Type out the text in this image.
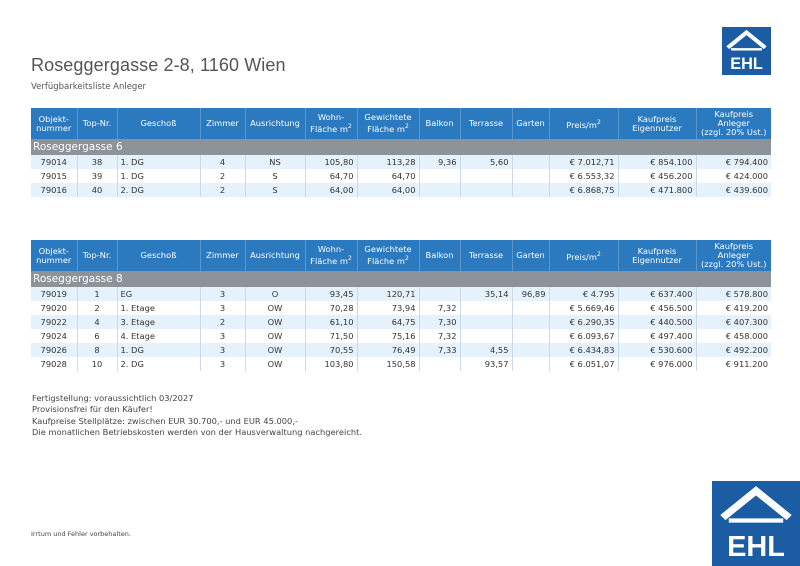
Roseggergasse 2-8, 1160 Wien
Verfügbarkeitsliste Anleger
EHL
Objekt-
nummer	Top-Nr.	Geschoß	Zimmer	Ausrichtung	Wohn-
Fläche $m^2$	Gewichtete
Fläche $m^2$	Balkon	Terrasse	Garten	Preis/$m^2$	Kaufpreis
Eigennutzer	Kaufpreis
Anleger
(zzgl. 20% Ust.)
Roseggergasse 6												
79014	38	1. DG	4	NS	105,80	113,28	9,36	5,60		€ 7.012,71	€ 854.100	€ 794.400
79015	39	1. DG	2	S	64,70	64,70				€ 6.553,32	€ 456.200	€ 424.000
79016	40	2. DG	2	S	64,00	64,00				€ 6.868,75	€ 471.800	€ 439.600
Objekt-
nummer	Top-Nr.	Geschoß	Zimmer	Ausrichtung	Wohn-
Fläche $m^2$	Gewichtete
Fläche $m^2$	Balkon	Terrasse	Garten	Preis/$m^2$	Kaufpreis
Eigennutzer	Kaufpreis
Anleger
(zzgl. 20% Ust.)
Roseggergasse 8												
79019	1	EG	3	O	93,45	120,71		35,14	96,89	€ 4.795	€ 637.400	€ 578.800
79020	2	1. Etage	3	OW	70,28	73,94	7,32			€ 5.669,46	€ 456.500	€ 419.200
79022	4	3. Etage	2	OW	61,10	64,75	7,30			€ 6.290,35	€ 440.500	€ 407.300
79024	6	4. Etage	3	OW	71,50	75,16	7,32			€ 6.093,67	€ 497.400	€ 458.000
79026	8	1. DG	3	OW	70,55	76,49	7,33	4,55		€ 6.434,83	€ 530.600	€ 492.200
79028	10	2. DG	3	OW	103,80	150,58		93,57		€ 6.051,07	€ 976.000	€ 911.200
Fertigstellung: voraussichtlich 03/2027
Provisionsfrei für den Käufer!
Kaufpreise Stellplätze: zwischen EUR 30.700,- und EUR 45.000,-
Die monatlichen Betriebskosten werden von der Hausverwaltung nachgereicht.
Irrtum und Fehler vorbehalten.	EHL
